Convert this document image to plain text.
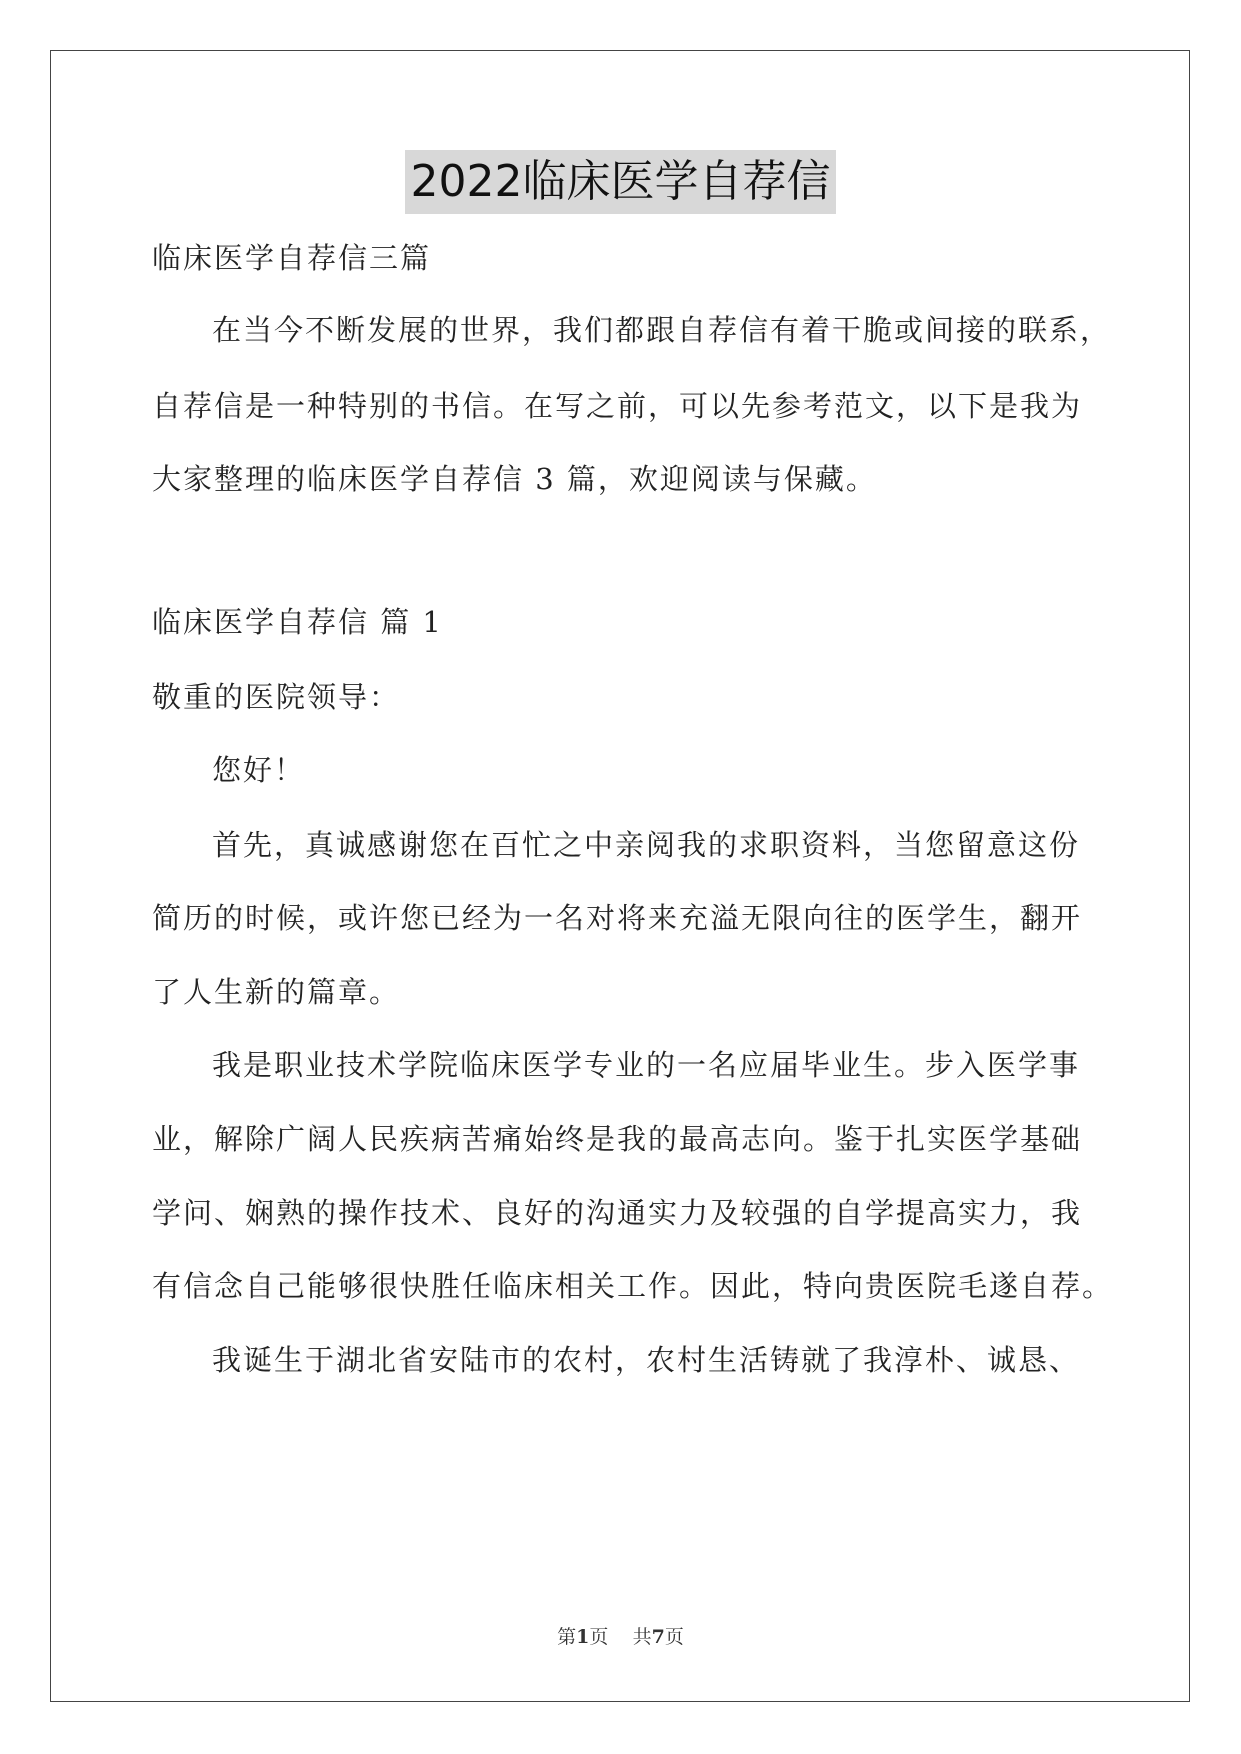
2022临床医学自荐信
临床医学自荐信三篇
在当今不断发展的世界，我们都跟自荐信有着干脆或间接的联系，
自荐信是一种特别的书信。在写之前，可以先参考范文，以下是我为
大家整理的临床医学自荐信 3 篇，欢迎阅读与保藏。
临床医学自荐信 篇 1
敬重的医院领导：
您好！
首先，真诚感谢您在百忙之中亲阅我的求职资料，当您留意这份
简历的时候，或许您已经为一名对将来充溢无限向往的医学生，翻开
了人生新的篇章。
我是职业技术学院临床医学专业的一名应届毕业生。步入医学事
业，解除广阔人民疾病苦痛始终是我的最高志向。鉴于扎实医学基础
学问、娴熟的操作技术、良好的沟通实力及较强的自学提高实力，我
有信念自己能够很快胜任临床相关工作。因此，特向贵医院毛遂自荐。
我诞生于湖北省安陆市的农村，农村生活铸就了我淳朴、诚恳、
第1页    共7页
